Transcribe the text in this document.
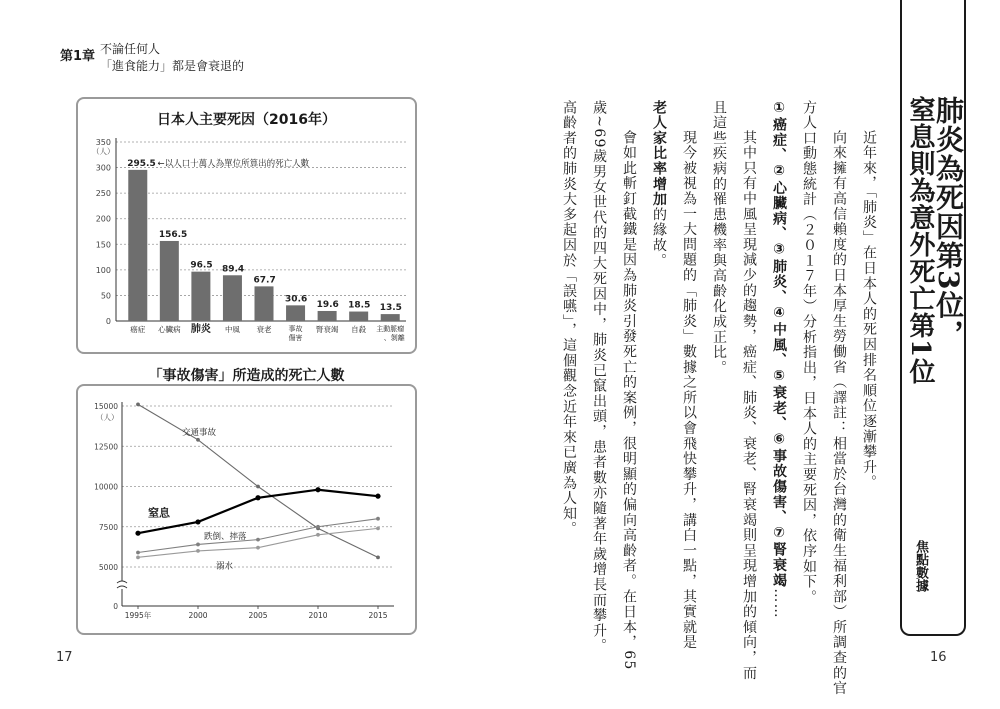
第1章 不論任何人
「進食能力」都是會衰退的
日本人主要死因（2016年）
0
50
100
150
200
250
300
350
（人）
295.5
癌症
156.5
心臟病
96.5
肺炎
89.4
中風
67.7
衰老
30.6
事故
傷害
19.6
腎衰竭
18.5
自殺
13.5
主動脈瘤
、剝離
←以人口十萬人為單位所算出的死亡人數
「事故傷害」所造成的死亡人數
0
5000
7500
10000
12500
15000
（人）
1995年	2000	2005	2010	2015
交通事故
窒息
跌倒、摔落
溺水
17	16
肺炎為死因第3位，
窒息則為意外死亡第1位
焦點數據
近年來，「肺炎」在日本人的死因排名順位逐漸攀升。
向來擁有高信賴度的日本厚生勞働省（譯註：相當於台灣的衛生福利部）所調查的官
方人口動態統計（２０１７年）分析指出，日本人的主要死因，依序如下。
①癌症、②心臟病、③肺炎、④中風、⑤衰老、⑥事故傷害、⑦腎衰竭……
其中只有中風呈現減少的趨勢，癌症、肺炎、衰老、腎衰竭則呈現增加的傾向，而
且這些疾病的罹患機率與高齡化成正比。
現今被視為一大問題的「肺炎」數據之所以會飛快攀升，講白一點，其實就是
老人家比率增加的緣故。
會如此斬釘截鐵是因為肺炎引發死亡的案例，很明顯的偏向高齡者。在日本，65
歲~69歲男女世代的四大死因中，肺炎已竄出頭，患者數亦隨著年歲增長而攀升。
高齡者的肺炎大多起因於「誤嚥」，這個觀念近年來已廣為人知。
